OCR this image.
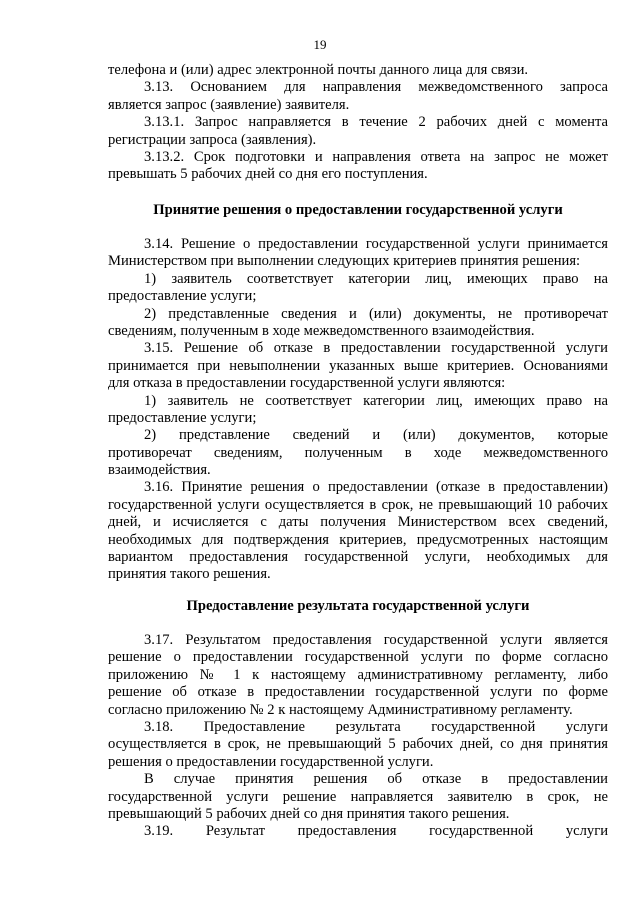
19
телефона и (или) адрес электронной почты данного лица для связи.
3.13. Основанием для направления межведомственного запроса
является запрос (заявление) заявителя.
3.13.1. Запрос направляется в течение 2 рабочих дней с момента
регистрации запроса (заявления).
3.13.2. Срок подготовки и направления ответа на запрос не может
превышать 5 рабочих дней со дня его поступления.
Принятие решения о предоставлении государственной услуги
3.14. Решение о предоставлении государственной услуги принимается
Министерством при выполнении следующих критериев принятия решения:
1) заявитель соответствует категории лиц, имеющих право на
предоставление услуги;
2) представленные сведения и (или) документы, не противоречат
сведениям, полученным в ходе межведомственного взаимодействия.
3.15. Решение об отказе в предоставлении государственной услуги
принимается при невыполнении указанных выше критериев. Основаниями
для отказа в предоставлении государственной услуги являются:
1) заявитель не соответствует категории лиц, имеющих право на
предоставление услуги;
2) представление сведений и (или) документов, которые
противоречат сведениям, полученным в ходе межведомственного
взаимодействия.
3.16. Принятие решения о предоставлении (отказе в предоставлении)
государственной услуги осуществляется в срок, не превышающий 10 рабочих
дней, и исчисляется с даты получения Министерством всех сведений,
необходимых для подтверждения критериев, предусмотренных настоящим
вариантом предоставления государственной услуги, необходимых для
принятия такого решения.
Предоставление результата государственной услуги
3.17. Результатом предоставления государственной услуги является
решение о предоставлении государственной услуги по форме согласно
приложению № 1 к настоящему административному регламенту, либо
решение об отказе в предоставлении государственной услуги по форме
согласно приложению № 2 к настоящему Административному регламенту.
3.18. Предоставление результата государственной услуги
осуществляется в срок, не превышающий 5 рабочих дней, со дня принятия
решения о предоставлении государственной услуги.
В случае принятия решения об отказе в предоставлении
государственной услуги решение направляется заявителю в срок, не
превышающий 5 рабочих дней со дня принятия такого решения.
3.19. Результат предоставления государственной услуги
